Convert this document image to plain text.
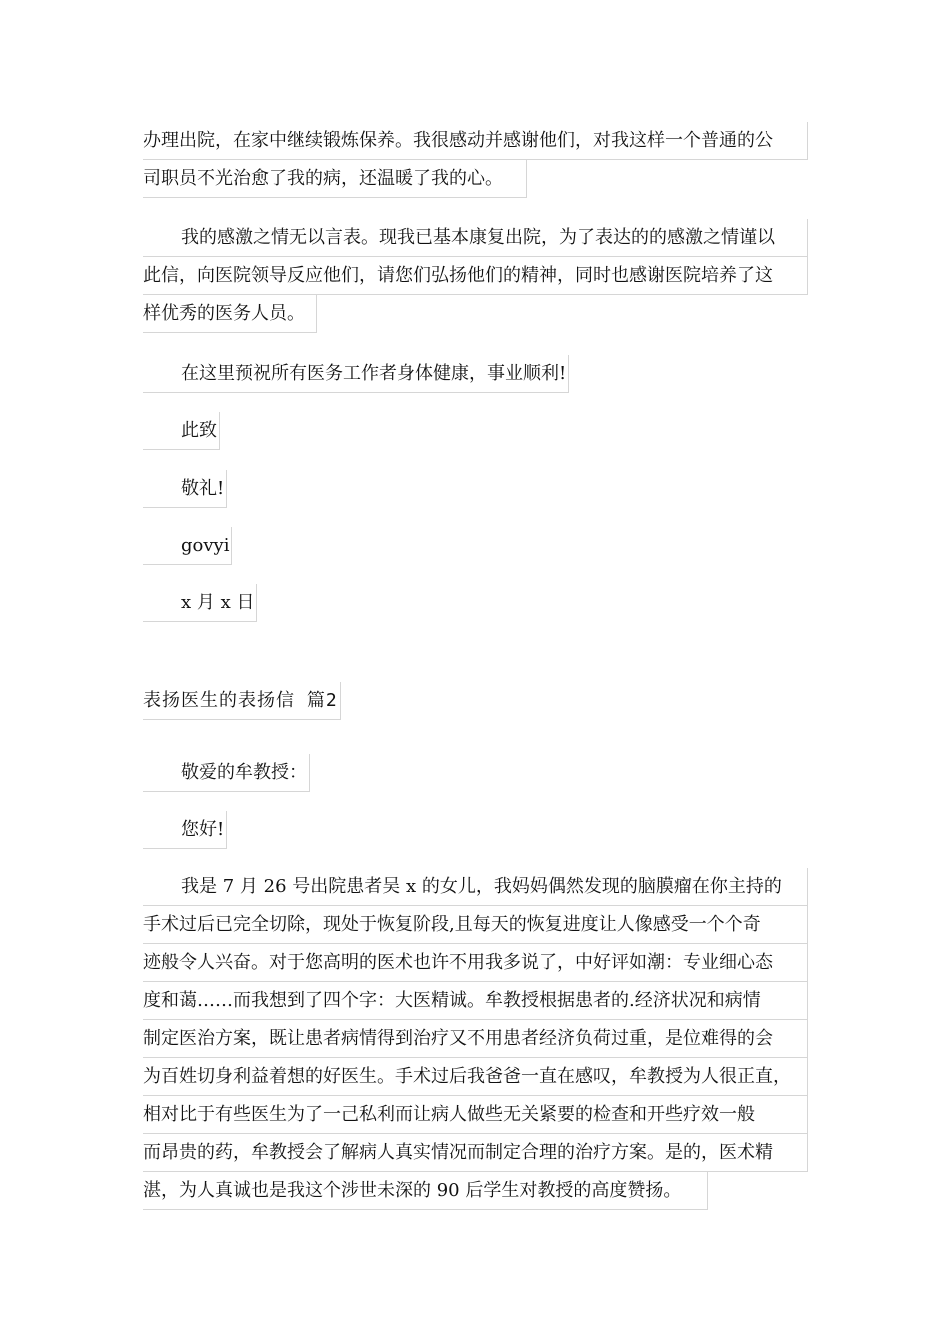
办理出院，在家中继续锻炼保养。我很感动并感谢他们，对我这样一个普通的公
司职员不光治愈了我的病，还温暖了我的心。
我的感激之情无以言表。现我已基本康复出院，为了表达的的感激之情谨以
此信，向医院领导反应他们，请您们弘扬他们的精神，同时也感谢医院培养了这
样优秀的医务人员。
在这里预祝所有医务工作者身体健康，事业顺利!
此致
敬礼!
govyi
x 月 x 日
表扬医生的表扬信 篇2
敬爱的牟教授：
您好!
我是 7 月 26 号出院患者吴 x 的女儿，我妈妈偶然发现的脑膜瘤在你主持的
手术过后已完全切除，现处于恢复阶段,且每天的恢复进度让人像感受一个个奇
迹般令人兴奋。对于您高明的医术也许不用我多说了，中好评如潮：专业细心态
度和蔼……而我想到了四个字：大医精诚。牟教授根据患者的.经济状况和病情
制定医治方案，既让患者病情得到治疗又不用患者经济负荷过重，是位难得的会
为百姓切身利益着想的好医生。手术过后我爸爸一直在感叹，牟教授为人很正直，
相对比于有些医生为了一己私利而让病人做些无关紧要的检查和开些疗效一般
而昂贵的药，牟教授会了解病人真实情况而制定合理的治疗方案。是的，医术精
湛，为人真诚也是我这个涉世未深的 90 后学生对教授的高度赞扬。
